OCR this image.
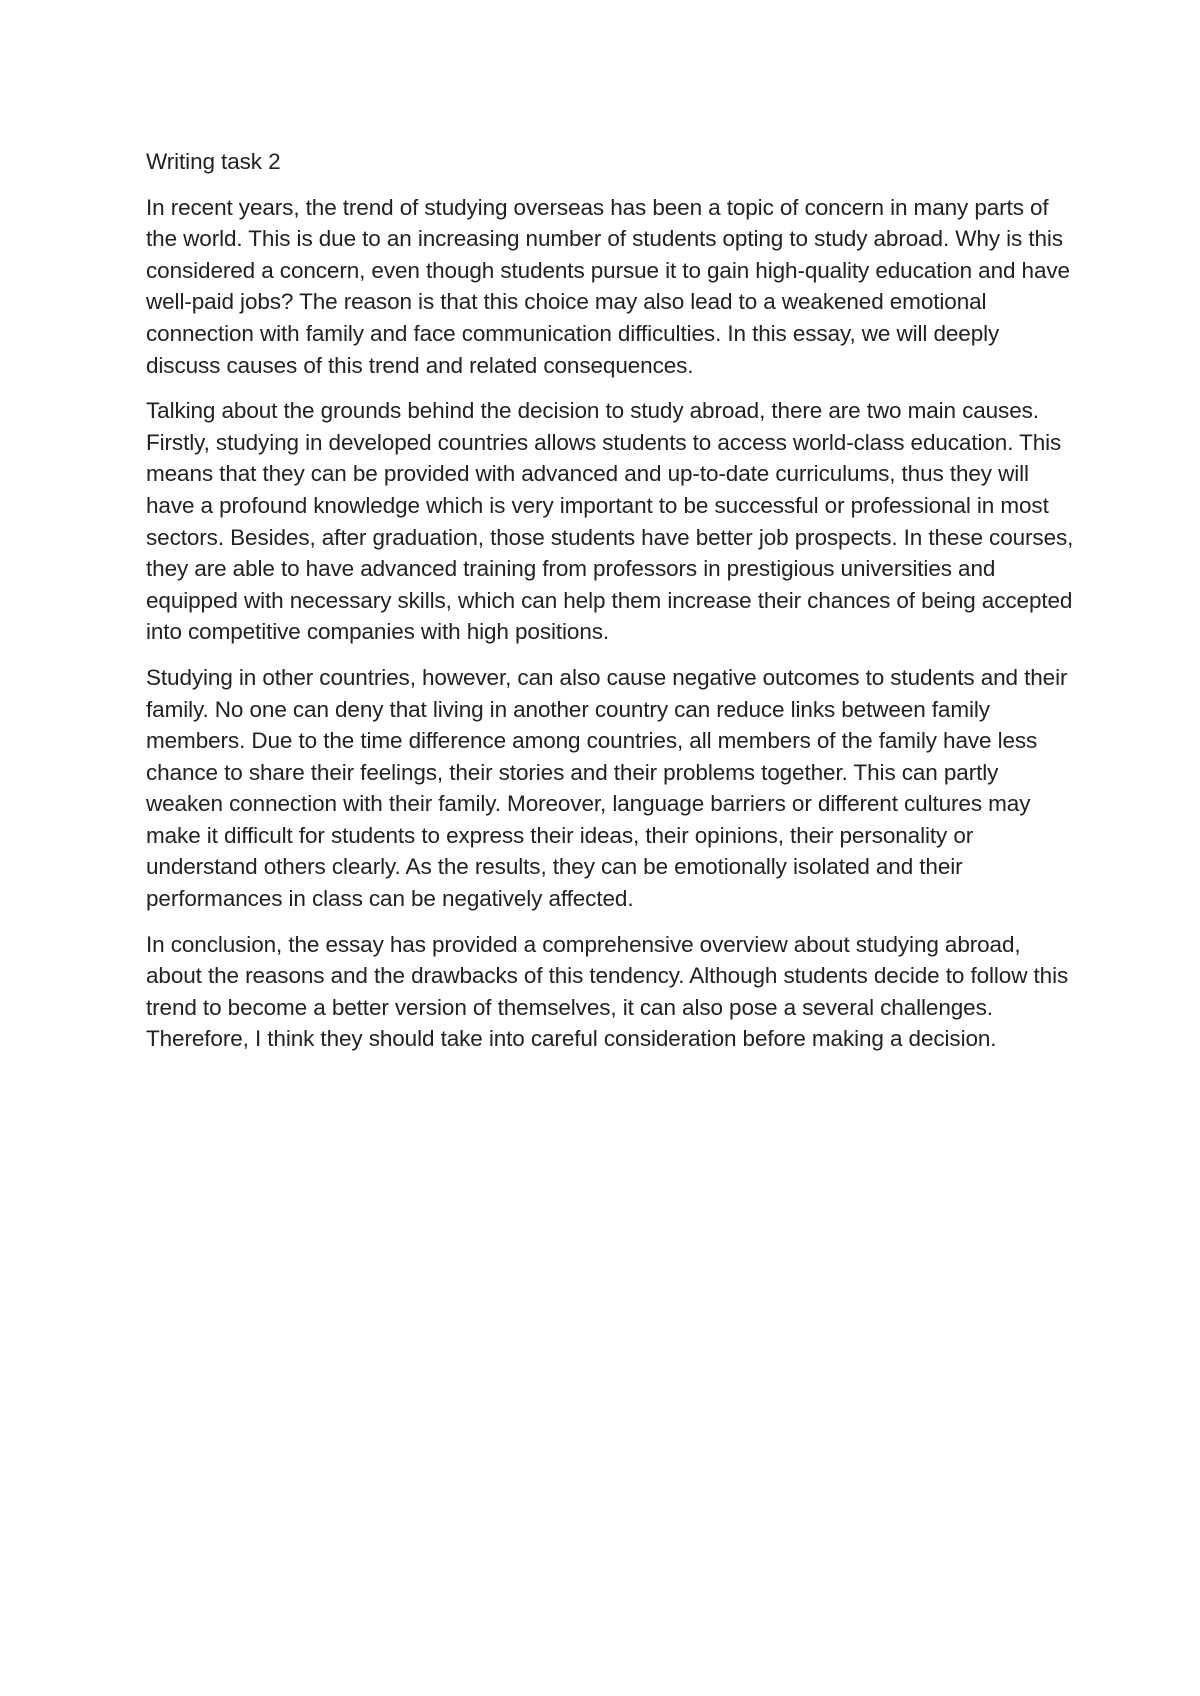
Writing task 2

In recent years, the trend of studying overseas has been a topic of concern in many parts of the world. This is due to an increasing number of students opting to study abroad. Why is this considered a concern, even though students pursue it to gain high-quality education and have well-paid jobs? The reason is that this choice may also lead to a weakened emotional connection with family and face communication difficulties. In this essay, we will deeply discuss causes of this trend and related consequences.

Talking about the grounds behind the decision to study abroad, there are two main causes. Firstly, studying in developed countries allows students to access world-class education. This means that they can be provided with advanced and up-to-date curriculums, thus they will have a profound knowledge which is very important to be successful or professional in most sectors. Besides, after graduation, those students have better job prospects. In these courses, they are able to have advanced training from professors in prestigious universities and equipped with necessary skills, which can help them increase their chances of being accepted into competitive companies with high positions.

Studying in other countries, however, can also cause negative outcomes to students and their family. No one can deny that living in another country can reduce links between family members. Due to the time difference among countries, all members of the family have less chance to share their feelings, their stories and their problems together. This can partly weaken connection with their family. Moreover, language barriers or different cultures may make it difficult for students to express their ideas, their opinions, their personality or understand others clearly. As the results, they can be emotionally isolated and their performances in class can be negatively affected.

In conclusion, the essay has provided a comprehensive overview about studying abroad, about the reasons and the drawbacks of this tendency. Although students decide to follow this trend to become a better version of themselves, it can also pose a several challenges. Therefore, I think they should take into careful consideration before making a decision.
